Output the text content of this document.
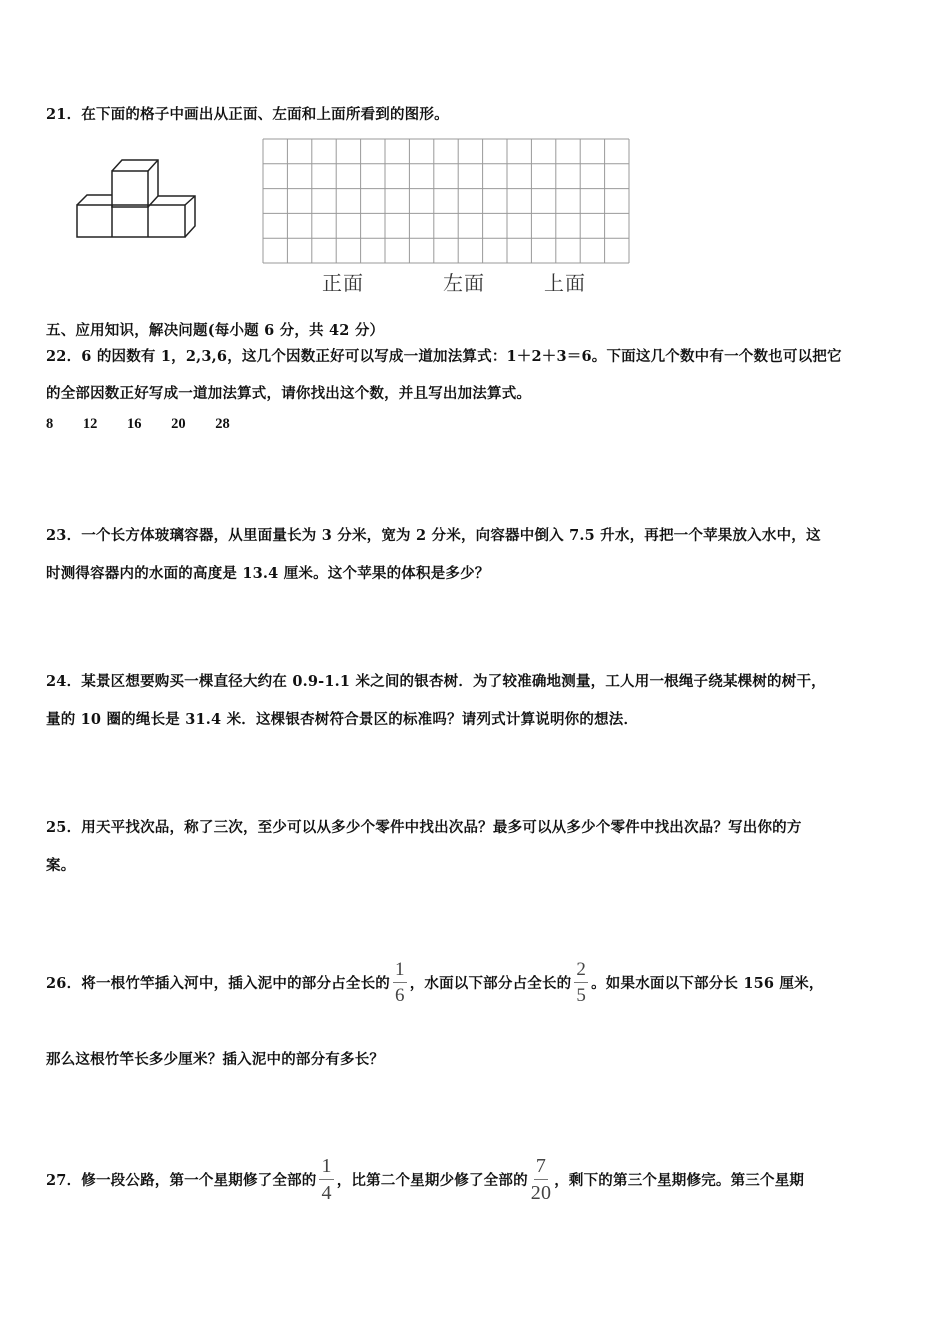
21．在下面的格子中画出从正面、左面和上面所看到的图形。
正面	左面	上面
五、应用知识，解决问题(每小题 6 分，共 42 分）
22．6 的因数有 1，2,3,6，这几个因数正好可以写成一道加法算式：1＋2＋3＝6。下面这几个数中有一个数也可以把它
的全部因数正好写成一道加法算式，请你找出这个数，并且写出加法算式。
8 12 16 20 28
23．一个长方体玻璃容器，从里面量长为 3 分米，宽为 2 分米，向容器中倒入 7.5 升水，再把一个苹果放入水中，这
时测得容器内的水面的高度是 13.4 厘米。这个苹果的体积是多少？
24．某景区想要购买一棵直径大约在 0.9-1.1 米之间的银杏树．为了较准确地测量，工人用一根绳子绕某棵树的树干，
量的 10 圈的绳长是 31.4 米．这棵银杏树符合景区的标准吗？请列式计算说明你的想法．
25．用天平找次品，称了三次，至少可以从多少个零件中找出次品？最多可以从多少个零件中找出次品？写出你的方
案。
26．将一根竹竿插入河中，插入泥中的部分占全长的 $\frac{1}{6}$ ，水面以下部分占全长的 $\frac{2}{5}$ 。如果水面以下部分长 156 厘米，
那么这根竹竿长多少厘米？插入泥中的部分有多长？
27．修一段公路，第一个星期修了全部的 $\frac{1}{4}$ ，比第二个星期少修了全部的 $\frac{7}{20}$ ，剩下的第三个星期修完。第三个星期
